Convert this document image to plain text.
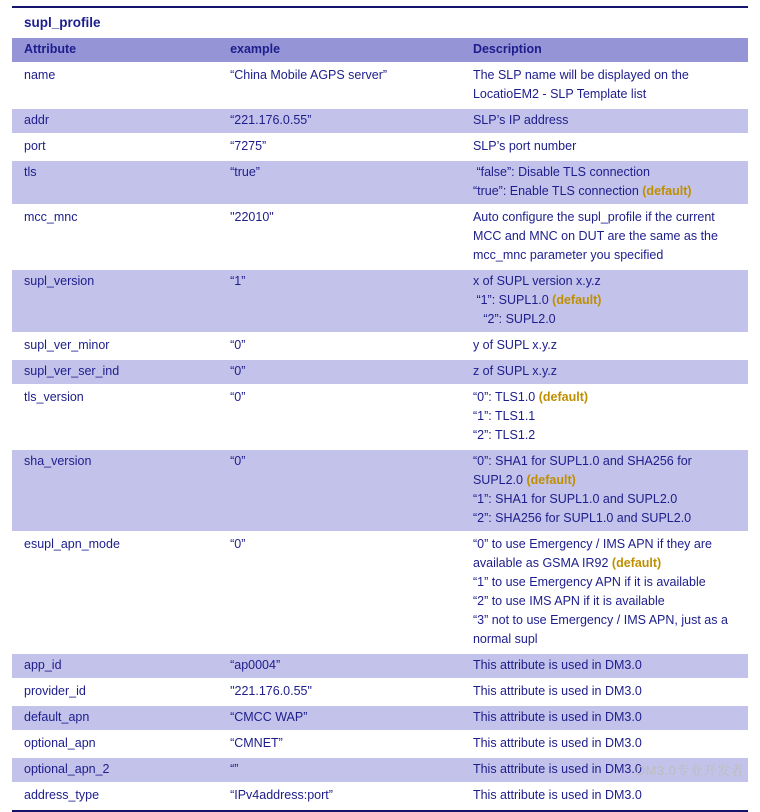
supl_profile
Attribute	example	Description
name	“China Mobile AGPS server”	The SLP name will be displayed on the LocatioEM2 - SLP Template list

addr	“221.176.0.55”	SLP’s IP address

port	“7275”	SLP’s port number

tls	“true”	“false”: Disable TLS connection
“true”: Enable TLS connection (default)

mcc_mnc	"22010"	Auto configure the supl_profile if the current MCC and MNC on DUT are the same as the mcc_mnc parameter you specified

supl_version	“1”	x of SUPL version x.y.z
“1”: SUPL1.0 (default)
“2”: SUPL2.0

supl_ver_minor	“0”	y of SUPL x.y.z

supl_ver_ser_ind	“0”	z of SUPL x.y.z

tls_version	“0”	“0”: TLS1.0 (default)
“1”: TLS1.1
“2”: TLS1.2

sha_version	“0”	“0”: SHA1 for SUPL1.0 and SHA256 for SUPL2.0 (default)
“1”: SHA1 for SUPL1.0 and SUPL2.0
“2”: SHA256 for SUPL1.0 and SUPL2.0

esupl_apn_mode	“0”	“0” to use Emergency / IMS APN if they are available as GSMA IR92 (default)
“1” to use Emergency APN if it is available
“2” to use IMS APN if it is available
“3” not to use Emergency / IMS APN, just as a normal supl

app_id	“ap0004”	This attribute is used in DM3.0

provider_id	"221.176.0.55"	This attribute is used in DM3.0

default_apn	“CMCC WAP”	This attribute is used in DM3.0

optional_apn	“CMNET”	This attribute is used in DM3.0

optional_apn_2	“”	This attribute is used in DM3.0

address_type	“IPv4address:port”	This attribute is used in DM3.0
DM3.0专业开发者
